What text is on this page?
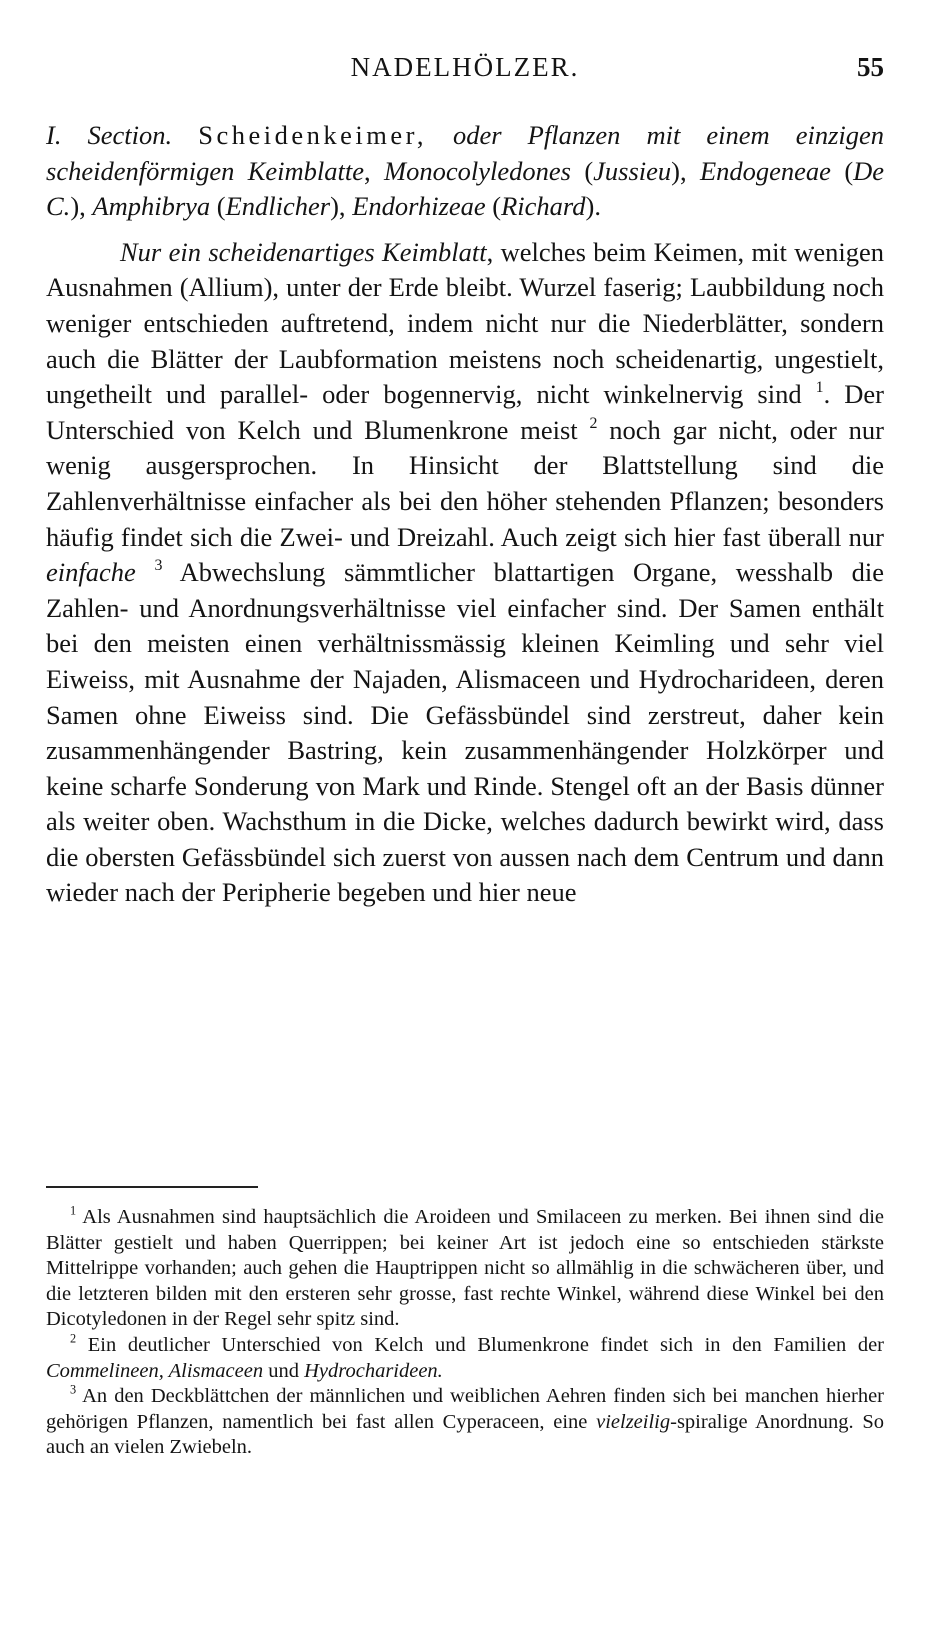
NADELHÖLZER.	55

I. Section. Scheidenkeimer, oder Pflanzen mit einem einzigen scheidenförmigen Keimblatte, Monocolyledones (Jussieu), Endogeneae (De C.), Amphibrya (Endlicher), Endorhizeae (Richard).

Nur ein scheidenartiges Keimblatt, welches beim Keimen, mit wenigen Ausnahmen (Allium), unter der Erde bleibt. Wurzel faserig; Laubbildung noch weniger entschieden auftretend, indem nicht nur die Niederblätter, sondern auch die Blätter der Laubformation meistens noch scheidenartig, ungestielt, ungetheilt und parallel- oder bogennervig, nicht winkelnervig sind $^1$. Der Unterschied von Kelch und Blumenkrone meist $^2$ noch gar nicht, oder nur wenig ausgersprochen. In Hinsicht der Blattstellung sind die Zahlenverhältnisse einfacher als bei den höher stehenden Pflanzen; besonders häufig findet sich die Zwei- und Dreizahl. Auch zeigt sich hier fast überall nur einfache $^3$ Abwechslung sämmtlicher blattartigen Organe, wesshalb die Zahlen- und Anordnungsverhältnisse viel einfacher sind. Der Samen enthält bei den meisten einen verhältnissmässig kleinen Keimling und sehr viel Eiweiss, mit Ausnahme der Najaden, Alismaceen und Hydrocharideen, deren Samen ohne Eiweiss sind. Die Gefässbündel sind zerstreut, daher kein zusammenhängender Bastring, kein zusammenhängender Holzkörper und keine scharfe Sonderung von Mark und Rinde. Stengel oft an der Basis dünner als weiter oben. Wachsthum in die Dicke, welches dadurch bewirkt wird, dass die obersten Gefässbündel sich zuerst von aussen nach dem Centrum und dann wieder nach der Peripherie begeben und hier neue

$^1$ Als Ausnahmen sind hauptsächlich die Aroideen und Smilaceen zu merken. Bei ihnen sind die Blätter gestielt und haben Querrippen; bei keiner Art ist jedoch eine so entschieden stärkste Mittelrippe vorhanden; auch gehen die Hauptrippen nicht so allmählig in die schwächeren über, und die letzteren bilden mit den ersteren sehr grosse, fast rechte Winkel, während diese Winkel bei den Dicotyledonen in der Regel sehr spitz sind.

$^2$ Ein deutlicher Unterschied von Kelch und Blumenkrone findet sich in den Familien der Commelineen, Alismaceen und Hydrocharideen.

$^3$ An den Deckblättchen der männlichen und weiblichen Aehren finden sich bei manchen hierher gehörigen Pflanzen, namentlich bei fast allen Cyperaceen, eine vielzeilig-spiralige Anordnung. So auch an vielen Zwiebeln.
